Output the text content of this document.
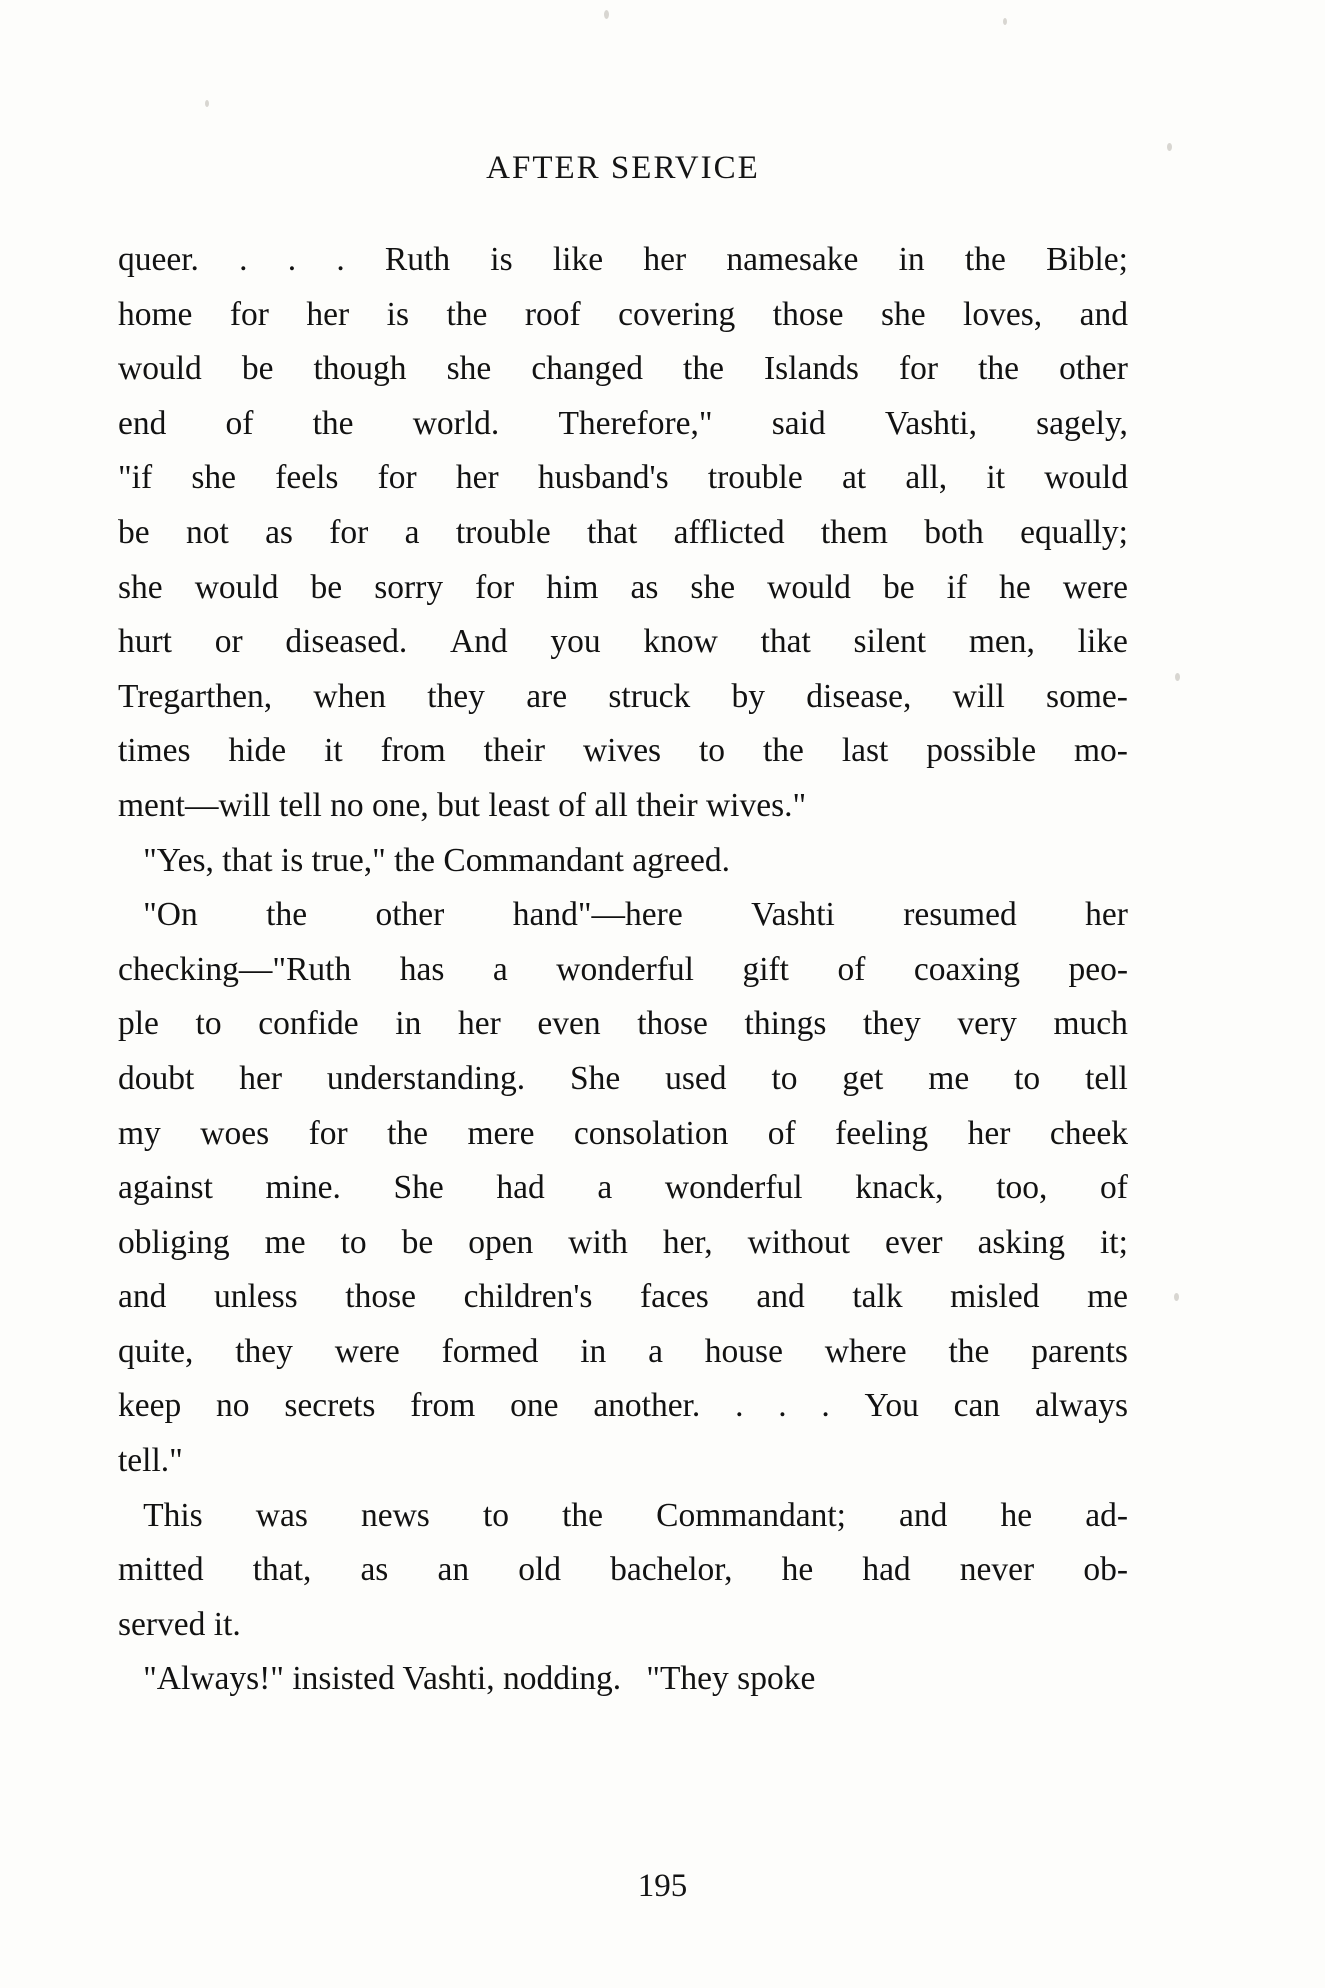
AFTER SERVICE

queer. . . . Ruth is like her namesake in the Bible;
home for her is the roof covering those she loves, and
would be though she changed the Islands for the other
end of the world. Therefore," said Vashti, sagely,
"if she feels for her husband's trouble at all, it would
be not as for a trouble that afflicted them both equally;
she would be sorry for him as she would be if he were
hurt or diseased. And you know that silent men, like
Tregarthen, when they are struck by disease, will some-
times hide it from their wives to the last possible mo-
ment—will tell no one, but least of all their wives."

"Yes, that is true," the Commandant agreed.

"On the other hand"—here Vashti resumed her
checking—"Ruth has a wonderful gift of coaxing peo-
ple to confide in her even those things they very much
doubt her understanding. She used to get me to tell
my woes for the mere consolation of feeling her cheek
against mine. She had a wonderful knack, too, of
obliging me to be open with her, without ever asking it;
and unless those children's faces and talk misled me
quite, they were formed in a house where the parents
keep no secrets from one another. . . . You can always
tell."

This was news to the Commandant; and he ad-
mitted that, as an old bachelor, he had never ob-
served it.

"Always!" insisted Vashti, nodding.   "They spoke

195
